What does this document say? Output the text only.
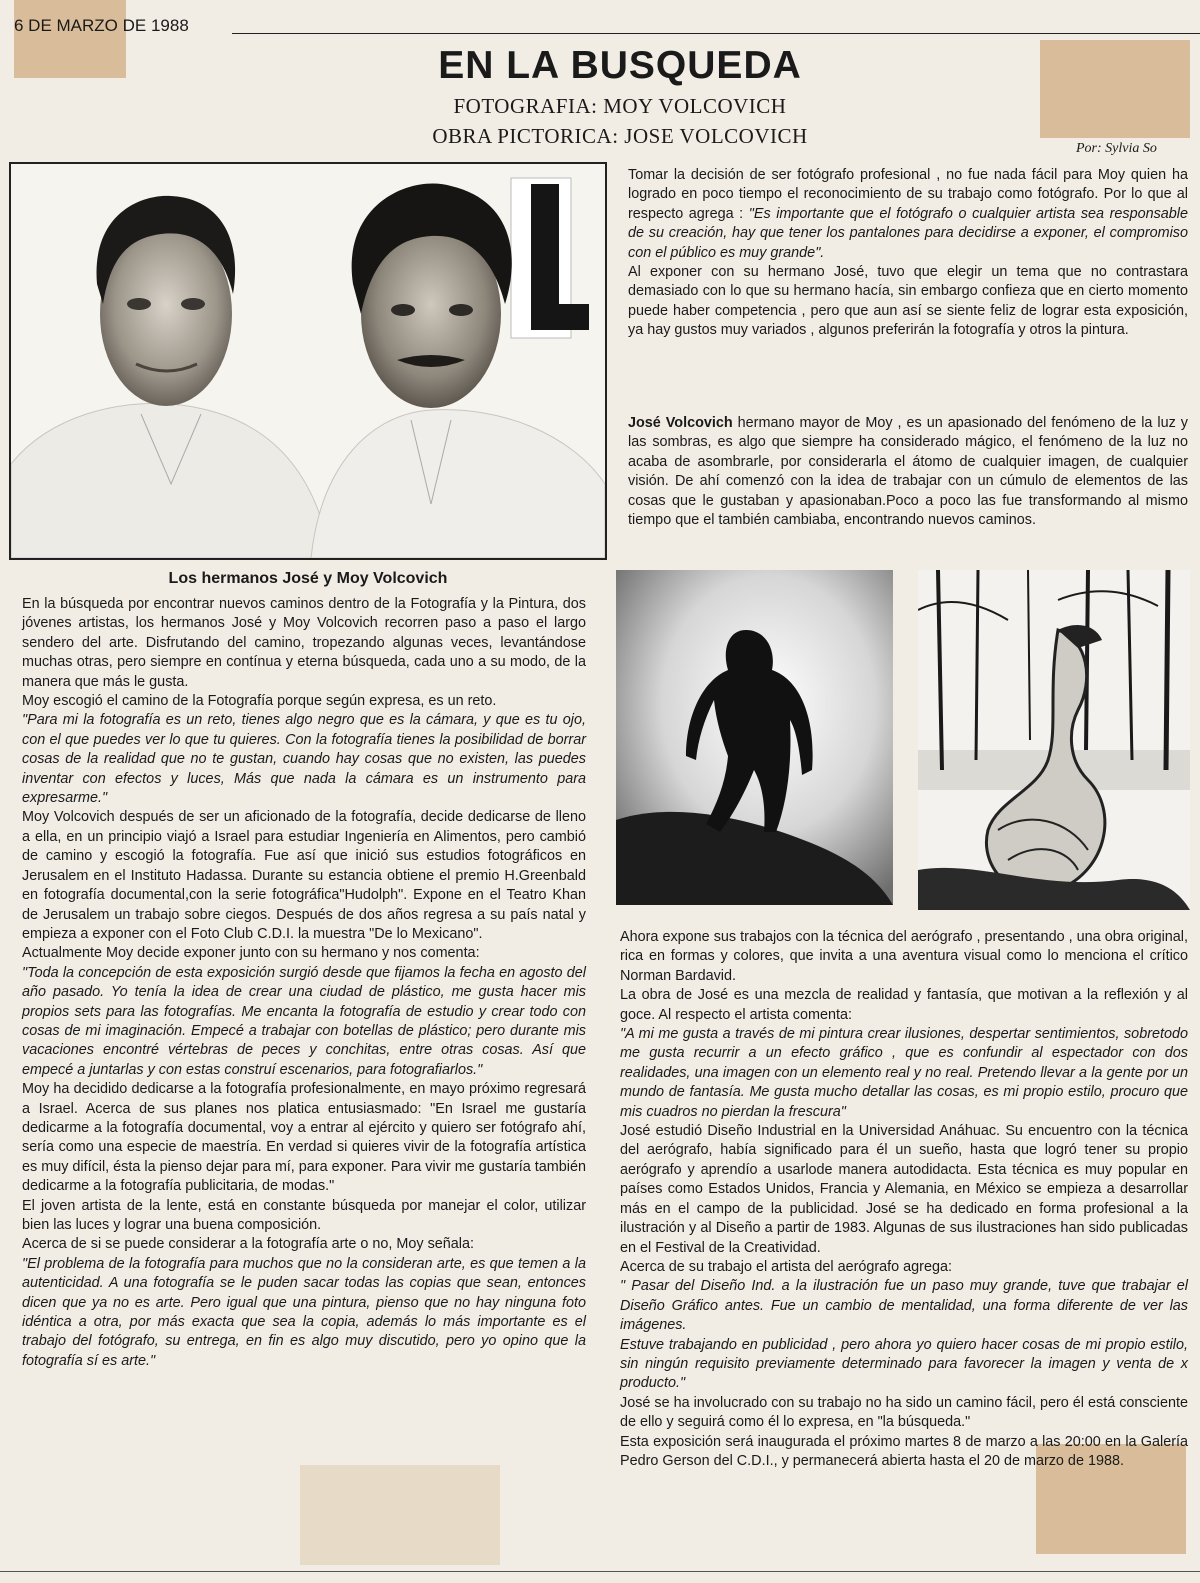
6 DE MARZO DE 1988
EN LA BUSQUEDA
FOTOGRAFIA: MOY VOLCOVICH
OBRA PICTORICA: JOSE VOLCOVICH
Por: Sylvia So
Los hermanos José y Moy Volcovich

En la búsqueda por encontrar nuevos caminos dentro de la Fotografía y la Pintura, dos jóvenes artistas, los hermanos José y Moy Volcovich recorren paso a paso el largo sendero del arte. Disfrutando del camino, tropezando algunas veces, levantándose muchas otras, pero siempre en contínua y eterna búsqueda, cada uno a su modo, de la manera que más le gusta.

Moy escogió el camino de la Fotografía porque según expresa, es un reto.

"Para mi la fotografía es un reto, tienes algo negro que es la cámara, y que es tu ojo, con el que puedes ver lo que tu quieres. Con la fotografía tienes la posibilidad de borrar cosas de la realidad que no te gustan, cuando hay cosas que no existen, las puedes inventar con efectos y luces, Más que nada la cámara es un instrumento para expresarme."

Moy Volcovich después de ser un aficionado de la fotografía, decide dedicarse de lleno a ella, en un principio viajó a Israel para estudiar Ingeniería en Alimentos, pero cambió de camino y escogió la fotografía. Fue así que inició sus estudios fotográficos en Jerusalem en el Instituto Hadassa. Durante su estancia obtiene el premio H.Greenbald en fotografía documental,con la serie fotográfica"Hudolph". Expone en el Teatro Khan de Jerusalem un trabajo sobre ciegos. Después de dos años regresa a su país natal y empieza a exponer con el Foto Club C.D.I. la muestra "De lo Mexicano".

Actualmente Moy decide exponer junto con su hermano y nos comenta:

"Toda la concepción de esta exposición surgió desde que fijamos la fecha en agosto del año pasado. Yo tenía la idea de crear una ciudad de plástico, me gusta hacer mis propios sets para las fotografías. Me encanta la fotografía de estudio y crear todo con cosas de mi imaginación. Empecé a trabajar con botellas de plástico; pero durante mis vacaciones encontré vértebras de peces y conchitas, entre otras cosas. Así que empecé a juntarlas y con estas construí escenarios, para fotografiarlos."

Moy ha decidido dedicarse a la fotografía profesionalmente, en mayo próximo regresará a Israel. Acerca de sus planes nos platica entusiasmado: "En Israel me gustaría dedicarme a la fotografía documental, voy a entrar al ejército y quiero ser fotógrafo ahí, sería como una especie de maestría. En verdad si quieres vivir de la fotografía artística es muy difícil, ésta la pienso dejar para mí, para exponer. Para vivir me gustaría también dedicarme a la fotografía publicitaria, de modas."

El joven artista de la lente, está en constante búsqueda por manejar el color, utilizar bien las luces y lograr una buena composición.

Acerca de si se puede considerar a la fotografía arte o no, Moy señala:

"El problema de la fotografía para muchos que no la consideran arte, es que temen a la autenticidad. A una fotografía se le puden sacar todas las copias que sean, entonces dicen que ya no es arte. Pero igual que una pintura, pienso que no hay ninguna foto idéntica a otra, por más exacta que sea la copia, además lo más importante es el trabajo del fotógrafo, su entrega, en fin es algo muy discutido, pero yo opino que la fotografía sí es arte."

Tomar la decisión de ser fotógrafo profesional , no fue nada fácil para Moy quien ha logrado en poco tiempo el reconocimiento de su trabajo como fotógrafo. Por lo que al respecto agrega : "Es importante que el fotógrafo o cualquier artista sea responsable de su creación, hay que tener los pantalones para decidirse a exponer, el compromiso con el público es muy grande".

Al exponer con su hermano José, tuvo que elegir un tema que no contrastara demasiado con lo que su hermano hacía, sin embargo confieza que en cierto momento puede haber competencia , pero que aun así se siente feliz de lograr esta exposición, ya hay gustos muy variados , algunos preferirán la fotografía y otros la pintura.

José Volcovich hermano mayor de Moy , es un apasionado del fenómeno de la luz y las sombras, es algo que siempre ha considerado mágico, el fenómeno de la luz no acaba de asombrarle, por considerarla el átomo de cualquier imagen, de cualquier visión. De ahí comenzó con la idea de trabajar con un cúmulo de elementos de las cosas que le gustaban y apasionaban.Poco a poco las fue transformando al mismo tiempo que el también cambiaba, encontrando nuevos caminos.

Ahora expone sus trabajos con la técnica del aerógrafo , presentando , una obra original, rica en formas y colores, que invita a una aventura visual como lo menciona el crítico Norman Bardavid.

La obra de José es una mezcla de realidad y fantasía, que motivan a la reflexión y al goce. Al respecto el artista comenta:

"A mi me gusta a través de mi pintura crear ilusiones, despertar sentimientos, sobretodo me gusta recurrir a un efecto gráfico , que es confundir al espectador con dos realidades, una imagen con un elemento real y no real. Pretendo llevar a la gente por un mundo de fantasía. Me gusta mucho detallar las cosas, es mi propio estilo, procuro que mis cuadros no pierdan la frescura"

José estudió Diseño Industrial en la Universidad Anáhuac. Su encuentro con la técnica del aerógrafo, había significado para él un sueño, hasta que logró tener su propio aerógrafo y aprendío a usarlode manera autodidacta. Esta técnica es muy popular en países como Estados Unidos, Francia y Alemania, en México se empieza a desarrollar más en el campo de la publicidad. José se ha dedicado en forma profesional a la ilustración y al Diseño a partir de 1983. Algunas de sus ilustraciones han sido publicadas en el Festival de la Creatividad.

Acerca de su trabajo el artista del aerógrafo agrega:

" Pasar del Diseño Ind. a la ilustración fue un paso muy grande, tuve que trabajar el Diseño Gráfico antes. Fue un cambio de mentalidad, una forma diferente de ver las imágenes.

Estuve trabajando en publicidad , pero ahora yo quiero hacer cosas de mi propio estilo, sin ningún requisito previamente determinado para favorecer la imagen y venta de x producto."

José se ha involucrado con su trabajo no ha sido un camino fácil, pero él está consciente de ello y seguirá como él lo expresa, en "la búsqueda."

Esta exposición será inaugurada el próximo martes 8 de marzo a las 20:00 en la Galería Pedro Gerson del C.D.I., y permanecerá abierta hasta el 20 de marzo de 1988.
